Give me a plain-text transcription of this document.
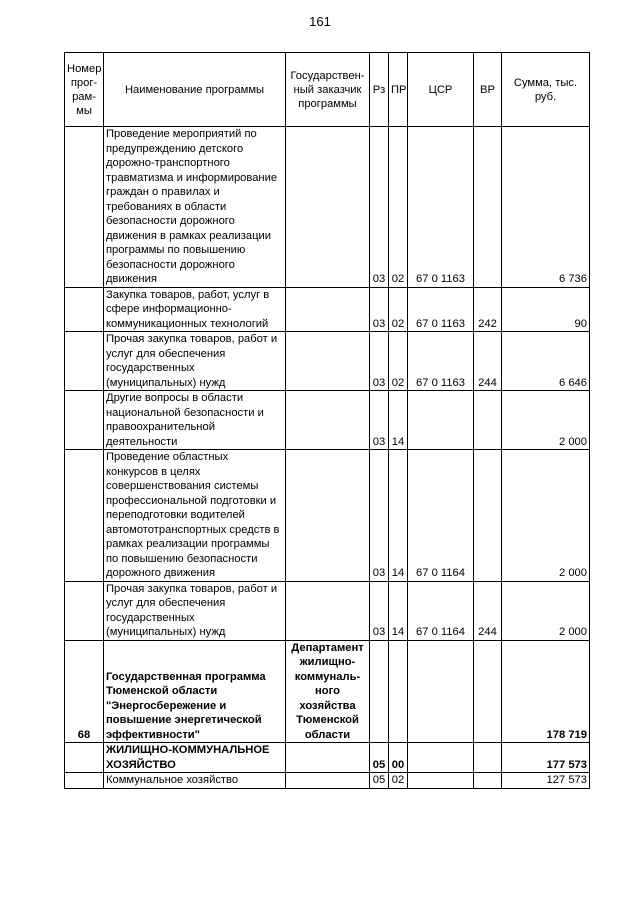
161
Номер прог- рам- мы	Наименование программы	Государствен- ный заказчик программы	Рз	ПР	ЦСР	ВР	Сумма, тыс. руб.
	Проведение мероприятий по предупреждению детского дорожно-транспортного травматизма и информирование граждан о правилах и требованиях в области безопасности дорожного движения в рамках реализации программы по повышению безопасности дорожного движения		03	02	67 0 1163		6 736
	Закупка товаров, работ, услуг в сфере информационно-коммуникационных технологий		03	02	67 0 1163	242	90
	Прочая закупка товаров, работ и услуг для обеспечения государственных (муниципальных) нужд		03	02	67 0 1163	244	6 646
	Другие вопросы в области национальной безопасности и правоохранительной деятельности		03	14			2 000
	Проведение областных конкурсов в целях совершенствования системы профессиональной подготовки и переподготовки водителей автомототранспортных средств в рамках реализации программы по повышению безопасности дорожного движения		03	14	67 0 1164		2 000
	Прочая закупка товаров, работ и услуг для обеспечения государственных (муниципальных) нужд		03	14	67 0 1164	244	2 000
68	Государственная программа Тюменской области "Энергосбережение и повышение энергетической эффективности"	Департамент жилищно-коммуналь-ного хозяйства Тюменской области					178 719
	ЖИЛИЩНО-КОММУНАЛЬНОЕ ХОЗЯЙСТВО		05	00			177 573
	Коммунальное хозяйство		05	02			127 573
